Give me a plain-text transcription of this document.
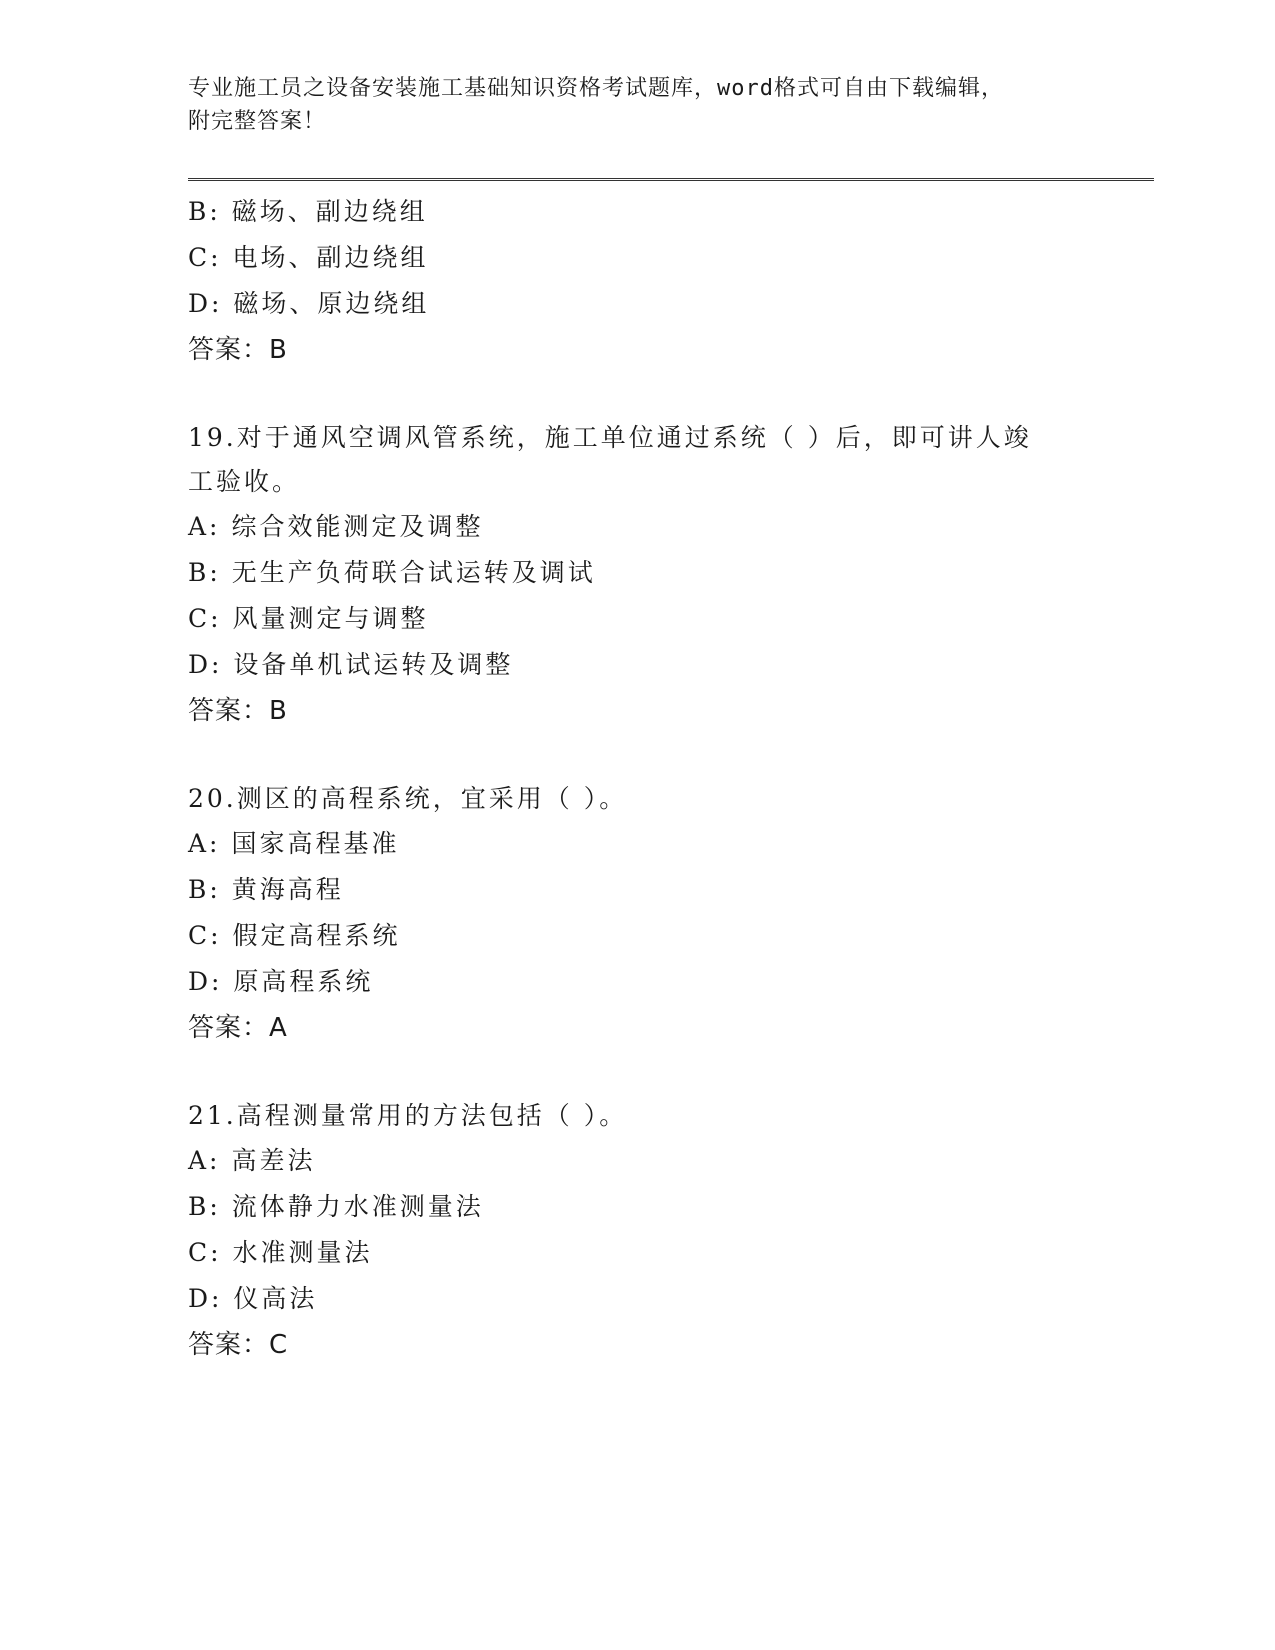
专业施工员之设备安装施工基础知识资格考试题库，word格式可自由下载编辑，
附完整答案！
B: 磁场、副边绕组
C: 电场、副边绕组
D: 磁场、原边绕组
答案：B
19.对于通风空调风管系统，施工单位通过系统（ ）后，即可讲人竣
工验收。
A: 综合效能测定及调整
B: 无生产负荷联合试运转及调试
C: 风量测定与调整
D: 设备单机试运转及调整
答案：B
20.测区的高程系统，宜采用（ ）。
A: 国家高程基准
B: 黄海高程
C: 假定高程系统
D: 原高程系统
答案：A
21.高程测量常用的方法包括（ ）。
A: 高差法
B: 流体静力水准测量法
C: 水准测量法
D: 仪高法
答案：C
